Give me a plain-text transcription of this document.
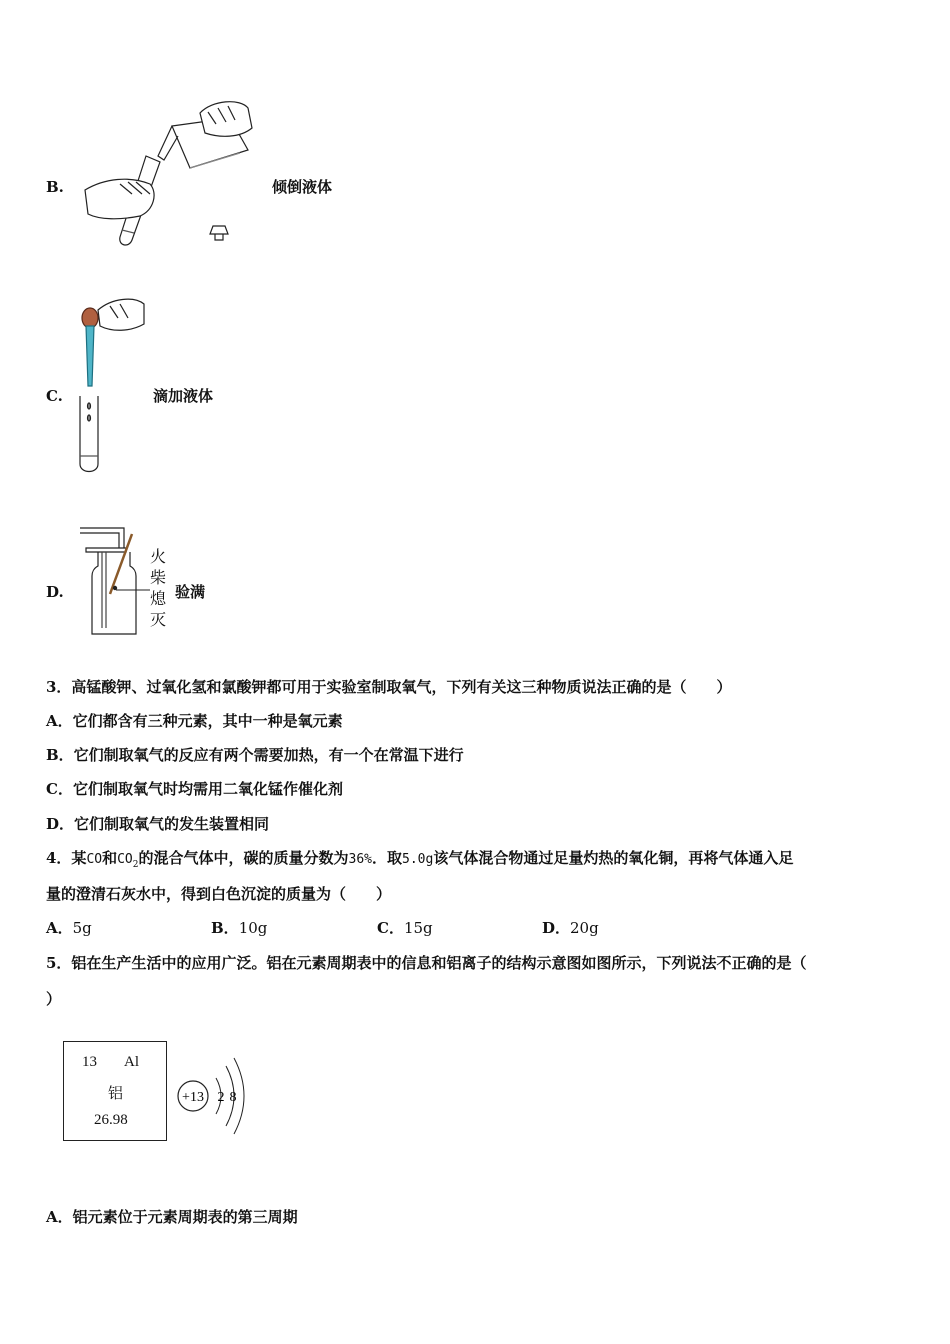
B.	倾倒液体
C.	滴加液体
D.
火
柴
熄
灭
验满
3．高锰酸钾、过氧化氢和氯酸钾都可用于实验室制取氧气，下列有关这三种物质说法正确的是（　　）
A．它们都含有三种元素，其中一种是氧元素
B．它们制取氧气的反应有两个需要加热，有一个在常温下进行
C．它们制取氧气时均需用二氧化锰作催化剂
D．它们制取氧气的发生装置相同
4．某CO和$CO_2$的混合气体中，碳的质量分数为36%．取5.0g该气体混合物通过足量灼热的氧化铜，再将气体通入足
量的澄清石灰水中，得到白色沉淀的质量为（　　）
A．5g	B．10g	C．15g	D．20g
5．铝在生产生活中的应用广泛。铝在元素周期表中的信息和铝离子的结构示意图如图所示，下列说法不正确的是（
）
13 Al
铝
26.98
+13 2 8
A．铝元素位于元素周期表的第三周期
